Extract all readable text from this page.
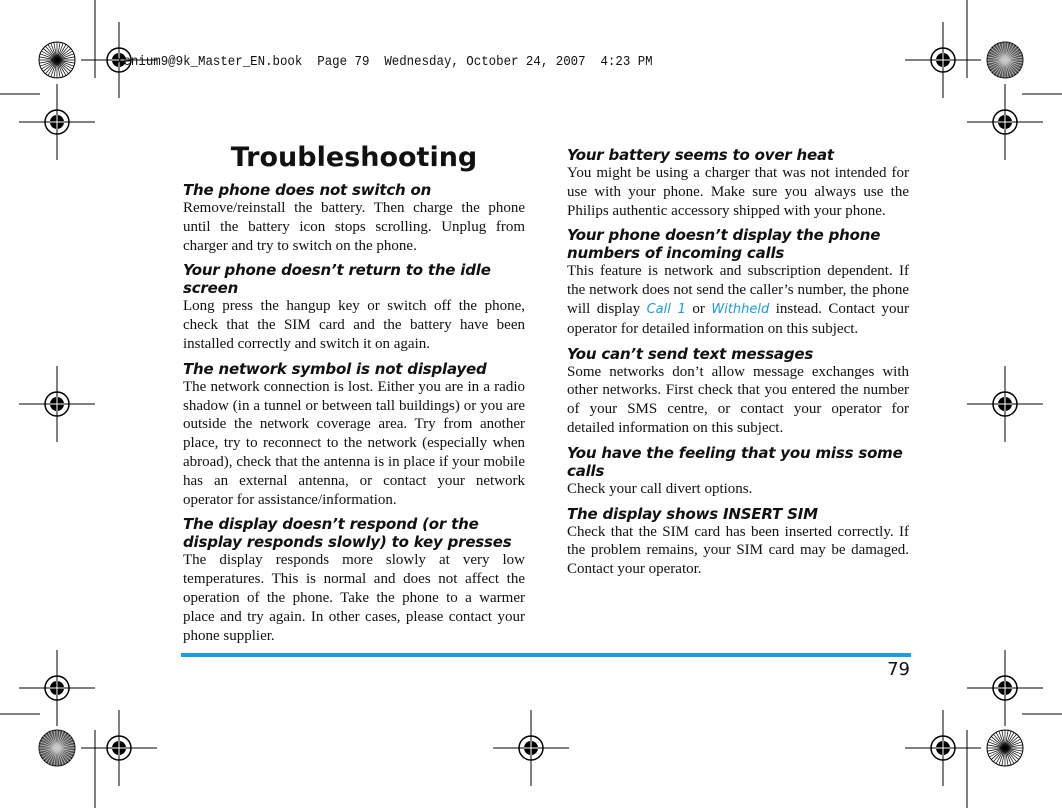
Xenium9@9k_Master_EN.book  Page 79  Wednesday, October 24, 2007  4:23 PM
Troubleshooting

The phone does not switch on

Remove/reinstall the battery. Then charge the phone until the battery icon stops scrolling. Unplug from charger and try to switch on the phone.

Your phone doesn’t return to the idle screen

Long press the hangup key or switch off the phone, check that the SIM card and the battery have been installed correctly and switch it on again.

The network symbol is not displayed

The network connection is lost. Either you are in a radio shadow (in a tunnel or between tall buildings) or you are outside the network coverage area. Try from another place, try to reconnect to the network (especially when abroad), check that the antenna is in place if your mobile has an external antenna, or contact your network operator for assistance/information.

The display doesn’t respond (or the display responds slowly) to key presses

The display responds more slowly at very low temperatures. This is normal and does not affect the operation of the phone. Take the phone to a warmer place and try again. In other cases, please contact your phone supplier.

Your battery seems to over heat

You might be using a charger that was not intended for use with your phone. Make sure you always use the Philips authentic accessory shipped with your phone.

Your phone doesn’t display the phone numbers of incoming calls

This feature is network and subscription dependent. If the network does not send the caller’s number, the phone will display Call 1 or Withheld instead. Contact your operator for detailed information on this subject.

You can’t send text messages

Some networks don’t allow message exchanges with other networks. First check that you entered the number of your SMS centre, or contact your operator for detailed information on this subject.

You have the feeling that you miss some calls

Check your call divert options.

The display shows INSERT SIM

Check that the SIM card has been inserted correctly. If the problem remains, your SIM card may be damaged. Contact your operator.

79
